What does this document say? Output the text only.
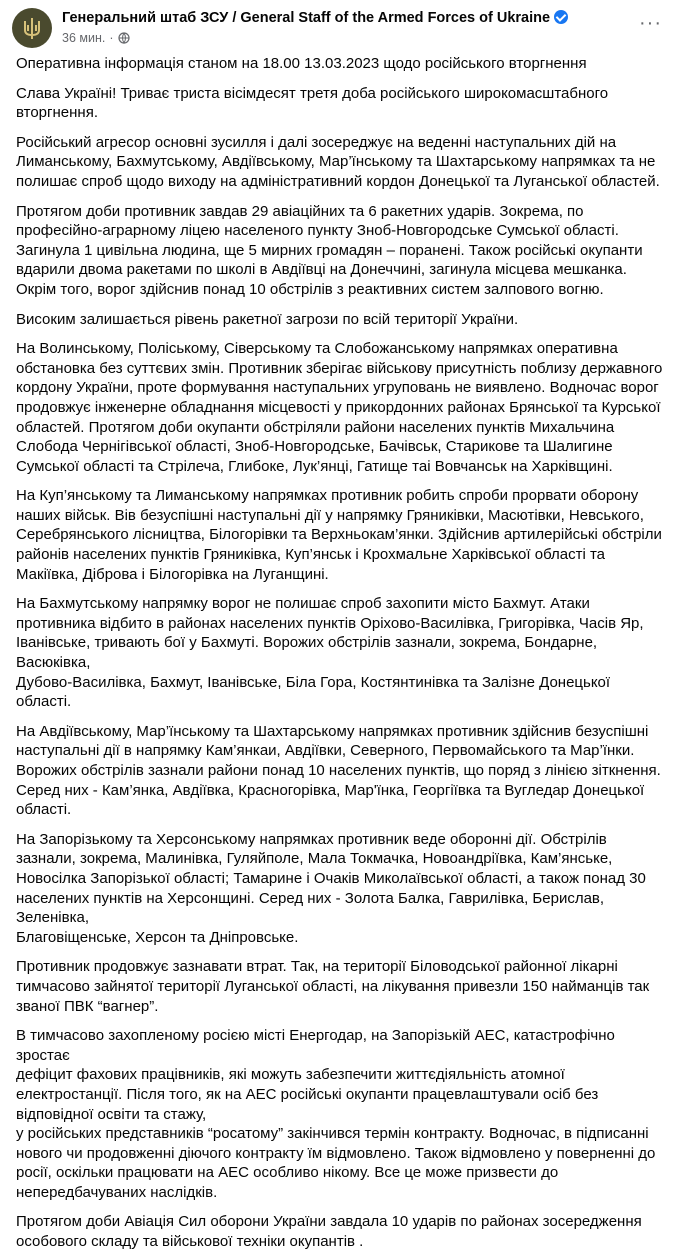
Генеральний штаб ЗСУ / General Staff of the Armed Forces of Ukraine
36 мин. ·
···

Оперативна інформація станом на 18.00 13.03.2023 щодо російського вторгнення

Слава Україні! Триває триста вісімдесят третя доба російського широкомасштабного
вторгнення.

Російський агресор основні зусилля і далі зосереджує на веденні наступальних дій на
Лиманському, Бахмутському, Авдіївському, Мар’їнському та Шахтарському напрямках та не
полишає спроб щодо виходу на адміністративний кордон Донецької та Луганської областей.

Протягом доби противник завдав 29 авіаційних та 6 ракетних ударів. Зокрема, по
професійно-аграрному ліцею населеного пункту Зноб-Новгородське Сумської області.
Загинула 1 цивільна людина, ще 5 мирних громадян – поранені. Також російські окупанти
вдарили двома ракетами по школі в Авдіївці на Донеччині, загинула місцева мешканка.
Окрім того, ворог здійснив понад 10 обстрілів з реактивних систем залпового вогню.

Високим залишається рівень ракетної загрози по всій території України.

На Волинському, Поліському, Сіверському та Слобожанському напрямках оперативна
обстановка без суттєвих змін. Противник зберігає військову присутність поблизу державного
кордону України, проте формування наступальних угруповань не виявлено. Водночас ворог
продовжує інженерне обладнання місцевості у прикордонних районах Брянської та Курської
областей. Протягом доби окупанти обстріляли райони населених пунктів Михальчина
Слобода Чернігівської області, Зноб-Новгородське, Бачівськ, Старикове та Шалигине
Сумської області та Стрілеча, Глибоке, Лук’янці, Гатище таі Вовчанськ на Харківщині.

На Куп’янському та Лиманському напрямках противник робить спроби прорвати оборону
наших військ. Вів безуспішні наступальні дії у напрямку Гряниківки, Масютівки, Невського,
Серебрянського лісництва, Білогорівки та Верхньокам’янки. Здійснив артилерійські обстріли
районів населених пунктів Гряниківка, Куп’янськ і Крохмальне Харківської області та
Макіївка, Діброва і Білогорівка на Луганщині.

На Бахмутському напрямку ворог не полишає спроб захопити місто Бахмут. Атаки
противника відбито в районах населених пунктів Оріхово-Василівка, Григорівка, Часів Яр,
Іванівське, тривають бої у Бахмуті. Ворожих обстрілів зазнали, зокрема, Бондарне, Васюківка,
Дубово-Василівка, Бахмут, Іванівське, Біла Гора, Костянтинівка та Залізне Донецької області.

На Авдіївському, Мар’їнському та Шахтарському напрямках противник здійснив безуспішні
наступальні дії в напрямку Кам’янкаи, Авдіївки, Северного, Первомайського та Мар’їнки.
Ворожих обстрілів зазнали райони понад 10 населених пунктів, що поряд з лінією зіткнення.
Серед них - Кам’янка, Авдіївка, Красногорівка, Мар'їнка, Георгіївка та Вугледар Донецької
області.

На Запорізькому та Херсонському напрямках противник веде оборонні дії. Обстрілів
зазнали, зокрема, Малинівка, Гуляйполе, Мала Токмачка, Новоандріївка, Кам’янське,
Новосілка Запорізької області; Тамарине і Очаків Миколаївської області, а також понад 30
населених пунктів на Херсонщині. Серед них - Золота Балка, Гаврилівка, Берислав, Зеленівка,
Благовіщенське, Херсон та Дніпровське.

Противник продовжує зазнавати втрат. Так, на території Біловодської районної лікарні
тимчасово зайнятої території Луганської області, на лікування привезли 150 найманців так
званої ПВК “вагнер”.

В тимчасово захопленому росією місті Енергодар, на Запорізькій АЕС, катастрофічно зростає
дефіцит фахових працівників, які можуть забезпечити життєдіяльність атомної
електростанції. Після того, як на АЕС російські окупанти працевлаштували осіб без
відповідної освіти та стажу,
у російських представників “росатому” закінчився термін контракту. Водночас, в підписанні
нового чи продовженні діючого контракту їм відмовлено. Також відмовлено у поверненні до
росії, оскільки працювати на АЕС особливо нікому. Все це може призвести до
непередбачуваних наслідків.

Протягом доби Авіація Сил оборони України завдала 10 ударів по районах зосередження
особового складу та військової техніки окупантів .
